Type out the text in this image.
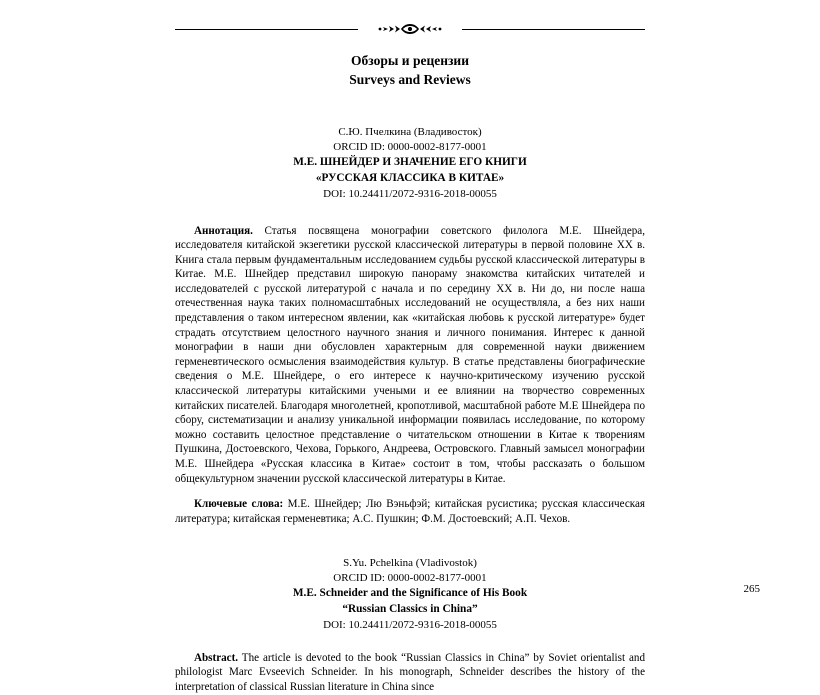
Обзоры и рецензии
Surveys and Reviews
С.Ю. Пчелкина (Владивосток)
ORCID ID: 0000-0002-8177-0001
М.Е. ШНЕЙДЕР И ЗНАЧЕНИЕ ЕГО КНИГИ
«РУССКАЯ КЛАССИКА В КИТАЕ»
DOI: 10.24411/2072-9316-2018-00055

Аннотация. Статья посвящена монографии советского филолога М.Е. Шнейдера, исследователя китайской экзегетики русской классической литературы в первой половине XX в. Книга стала первым фундаментальным исследованием судьбы русской классической литературы в Китае. М.Е. Шнейдер представил широкую панораму знакомства китайских читателей и исследователей с русской литературой с начала и по середину XX в. Ни до, ни после наша отечественная наука таких полномасштабных исследований не осуществляла, а без них наши представления о таком интересном явлении, как «китайская любовь к русской литературе» будет страдать отсутствием целостного научного знания и личного понимания. Интерес к данной монографии в наши дни обусловлен характерным для современной науки движением герменевтического осмысления взаимодействия культур. В статье представлены биографические сведения о М.Е. Шнейдере, о его интересе к научно-критическому изучению русской классической литературы китайскими учеными и ее влиянии на творчество современных китайских писателей. Благодаря многолетней, кропотливой, масштабной работе М.Е Шнейдера по сбору, систематизации и анализу уникальной информации появилась исследование, по которому можно составить целостное представление о читательском отношении в Китае к творениям Пушкина, Достоевского, Чехова, Горького, Андреева, Островского. Главный замысел монографии М.Е. Шнейдера «Русская классика в Китае» состоит в том, чтобы рассказать о большом общекультурном значении русской классической литературы в Китае.

Ключевые слова: М.Е. Шнейдер; Лю Вэньфэй; китайская русистика; русская классическая литература; китайская герменевтика; А.С. Пушкин; Ф.М. Достоевский; А.П. Чехов.

S.Yu. Pchelkina (Vladivostok)
ORCID ID: 0000-0002-8177-0001
M.E. Schneider and the Significance of His Book
“Russian Classics in China”
DOI: 10.24411/2072-9316-2018-00055

Abstract. The article is devoted to the book “Russian Classics in China” by Soviet orientalist and philologist Marc Evseevich Schneider. In his monograph, Schneider describes the history of the interpretation of classical Russian literature in China since

265
